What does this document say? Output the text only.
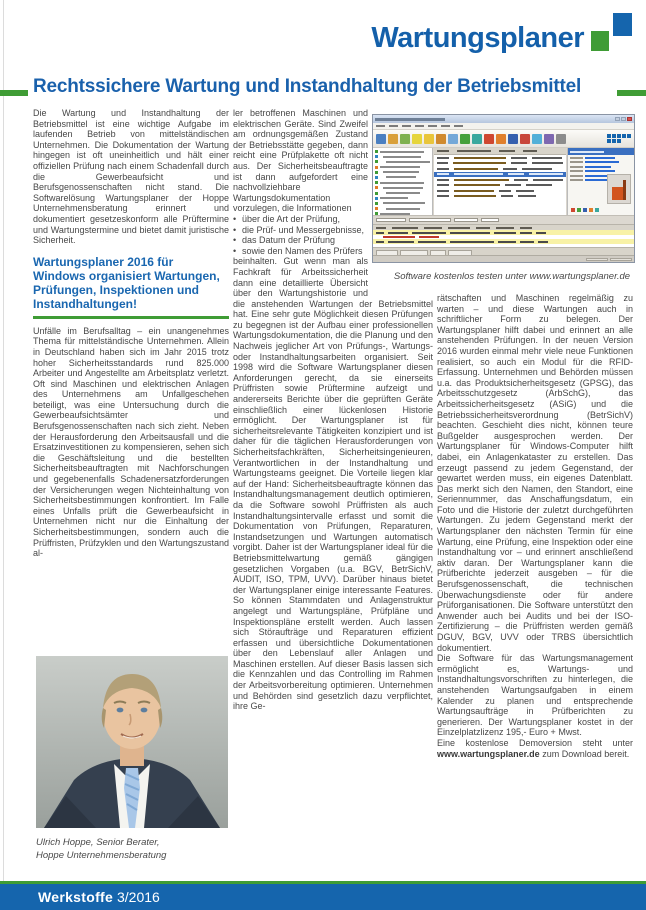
Wartungsplaner
Rechtssichere Wartung und Instandhaltung der Betriebsmittel

Die Wartung und Instandhaltung der Betriebsmittel ist eine wichtige Aufgabe im laufenden Betrieb von mittelständischen Unternehmen. Die Dokumentation der Wartung hingegen ist oft uneinheitlich und hält einer offiziellen Prüfung nach einem Schadenfall durch die Gewerbeaufsicht und Berufsgenossenschaften nicht stand. Die Softwarelösung Wartungsplaner der Hoppe Unternehmensberatung erinnert und dokumentiert gesetzeskonform alle Prüftermine und Wartungstermine und bietet damit juristische Sicherheit.

Wartungsplaner 2016 für Windows organisiert Wartungen, Prüfungen, Inspektionen und Instandhaltungen!

Unfälle im Berufsalltag – ein unangenehmes Thema für mittelständische Unternehmen. Allein in Deutschland haben sich im Jahr 2015 trotz hoher Sicherheitsstandards rund 825.000 Arbeiter und Angestellte am Arbeitsplatz verletzt. Oft sind Maschinen und elektrischen Anlagen des Unternehmens am Unfallgeschehen beteiligt, was eine Untersuchung durch die Gewerbeaufsichtsämter und Berufsgenossenschaften nach sich zieht. Neben der Herausforderung den Arbeitsausfall und die Ersatzinvestitionen zu kompensieren, sehen sich die Geschäftsleitung und die bestellten Sicherheitsbeauftragten mit Nachforschungen und gegebenenfalls Schadenersatzforderungen der Versicherungen wegen Nichteinhaltung von Sicherheitsbestimmungen konfrontiert. Im Falle eines Unfalls prüft die Gewerbeaufsicht in Unternehmen nicht nur die Einhaltung der Sicherheitsbestimmungen, sondern auch die Prüffristen, Prüfzyklen und den Wartungszustand al-

ler betroffenen Maschinen und elektrischen Geräte. Sind Zweifel am ordnungsgemäßen Zustand der Betriebsstätte gegeben, dann reicht eine Prüfplakette oft nicht aus. Der Sicherheitsbeauftragte ist dann aufgefordert eine nachvollziehbare Wartungsdokumentation vorzulegen, die Informationen

• über die Art der Prüfung,
• die Prüf- und Messergebnisse,
• das Datum der Prüfung
• sowie den Namen des Prüfers

beinhalten. Gut wenn man als Fachkraft für Arbeitssicherheit dann eine detaillierte Übersicht über den Wartungshistorie und die anstehenden Wartungen der Betriebsmittel hat. Eine sehr gute Möglichkeit diesen Prüfungen zu begegnen ist der Aufbau einer professionellen Wartungsdokumentation, die die Planung und den Nachweis jeglicher Art von Prüfungs-, Wartungs- oder Instandhaltungsarbeiten organisiert. Seit 1998 wird die Software Wartungsplaner diesen Anforderungen gerecht, da sie einerseits Prüffristen sowie Prüftermine aufzeigt und andererseits Berichte über die geprüften Geräte einschließlich einer lückenlosen Historie ermöglicht. Der Wartungsplaner ist für sicherheitsrelevante Tätigkeiten konzipiert und ist daher für die täglichen Herausforderungen von Sicherheitsfachkräften, Sicherheitsingenieuren, Verantwortlichen in der Instandhaltung und Wartungsteams geeignet. Die Vorteile liegen klar auf der Hand: Sicherheitsbeauftragte können das Instandhaltungsmanagement deutlich optimieren, da die Software sowohl Prüffristen als auch Instandhaltungsintervalle erfasst und somit die Dokumentation von Prüfungen, Reparaturen, Instandsetzungen und Wartungen automatisch vorgibt. Daher ist der Wartungsplaner ideal für die Betriebsmittelwartung gemäß gängigen gesetzlichen Vorgaben (u.a. BGV, BetrSichV, AUDIT, ISO, TPM, UVV). Darüber hinaus bietet der Wartungsplaner einige interessante Features. So können Stammdaten und Anlagenstruktur angelegt und Wartungspläne, Prüfpläne und Inspektionspläne erstellt werden. Auch lassen sich Störaufträge und Reparaturen effizient erfassen und übersichtliche Dokumentationen über den Lebenslauf aller Anlagen und Maschinen erstellen. Auf dieser Basis lassen sich die Kennzahlen und das Controlling im Rahmen der Arbeitsvorbereitung optimieren. Unternehmen und Behörden sind gesetzlich dazu verpflichtet, ihre Ge-

rätschaften und Maschinen regelmäßig zu warten – und diese Wartungen auch in schriftlicher Form zu belegen. Der Wartungsplaner hilft dabei und erinnert an alle anstehenden Prüfungen. In der neuen Version 2016 wurden einmal mehr viele neue Funktionen realisiert, so auch ein Modul für die RFID-Erfassung. Unternehmen und Behörden müssen u.a. das Produktsicherheitsgesetz (GPSG), das Arbeitsschutzgesetz (ArbSchG), das Arbeitssicherheitsgesetz (ASiG) und die Betriebssicherheitsverordnung (BetrSichV) beachten. Geschieht dies nicht, können teure Bußgelder ausgesprochen werden. Der Wartungsplaner für Windows-Computer hilft dabei, ein Anlagenkataster zu erstellen. Das erzeugt passend zu jedem Gegenstand, der gewartet werden muss, ein eigenes Datenblatt. Das merkt sich den Namen, den Standort, eine Seriennummer, das Anschaffungsdatum, ein Foto und die Historie der zuletzt durchgeführten Wartungen. Zu jedem Gegenstand merkt der Wartungsplaner den nächsten Termin für eine Wartung, eine Prüfung, eine Inspektion oder eine Instandhaltung vor – und erinnert anschließend aktiv daran. Der Wartungsplaner kann die Prüfberichte jederzeit ausgeben – für die Berufsgenossenschaft, die technischen Überwachungsdienste oder für andere Prüforganisationen. Die Software unterstützt den Anwender auch bei Audits und bei der ISO-Zertifizierung – die Prüffristen werden gemäß DGUV, BGV, UVV oder TRBS übersichtlich dokumentiert.

Die Software für das Wartungsmanagement ermöglicht es, Wartungs- und Instandhaltungsvorschriften zu hinterlegen, die anstehenden Wartungsaufgaben in einem Kalender zu planen und entsprechende Wartungsaufträge in Prüfberichten zu generieren. Der Wartungsplaner kostet in der Einzelplatzlizenz 195,- Euro + Mwst.

Eine kostenlose Demoversion steht unter www.wartungsplaner.de zum Download bereit.

Software kostenlos testen unter www.wartungsplaner.de
Ulrich Hoppe, Senior Berater,
Hoppe Unternehmensberatung
Werkstoffe 3/2016
